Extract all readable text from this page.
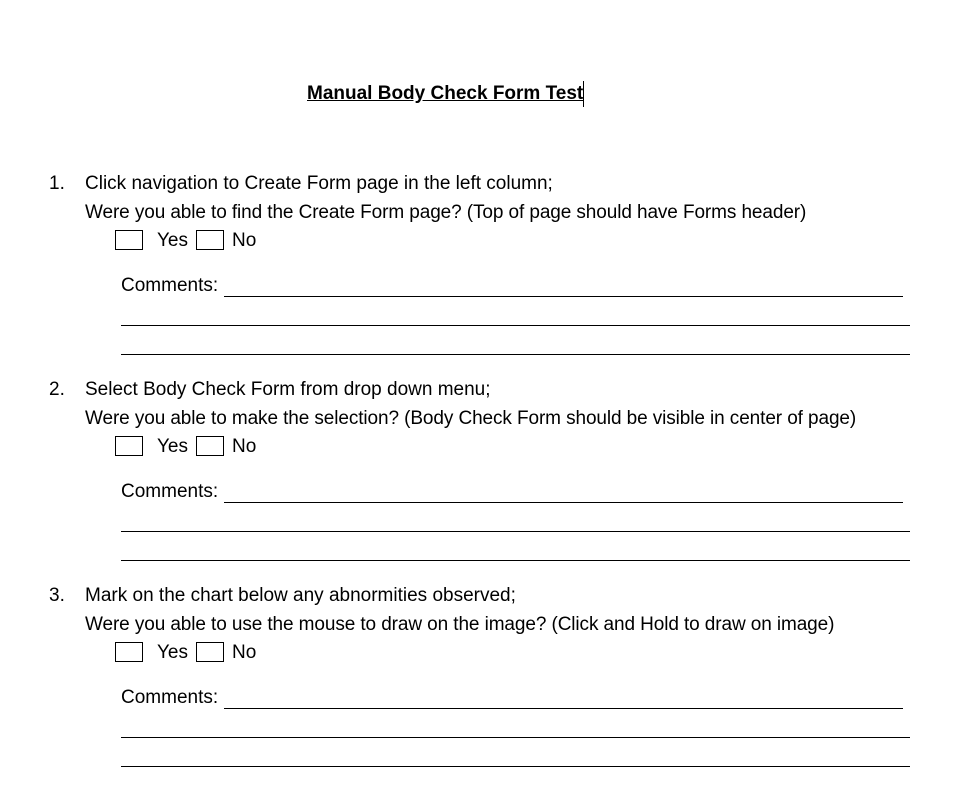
Manual Body Check Form Test
1. Click navigation to Create Form page in the left column;
Were you able to find the Create Form page? (Top of page should have Forms header)
Yes No
Comments:
2. Select Body Check Form from drop down menu;
Were you able to make the selection? (Body Check Form should be visible in center of page)
Yes No
Comments:
3. Mark on the chart below any abnormities observed;
Were you able to use the mouse to draw on the image? (Click and Hold to draw on image)
Yes No
Comments:
